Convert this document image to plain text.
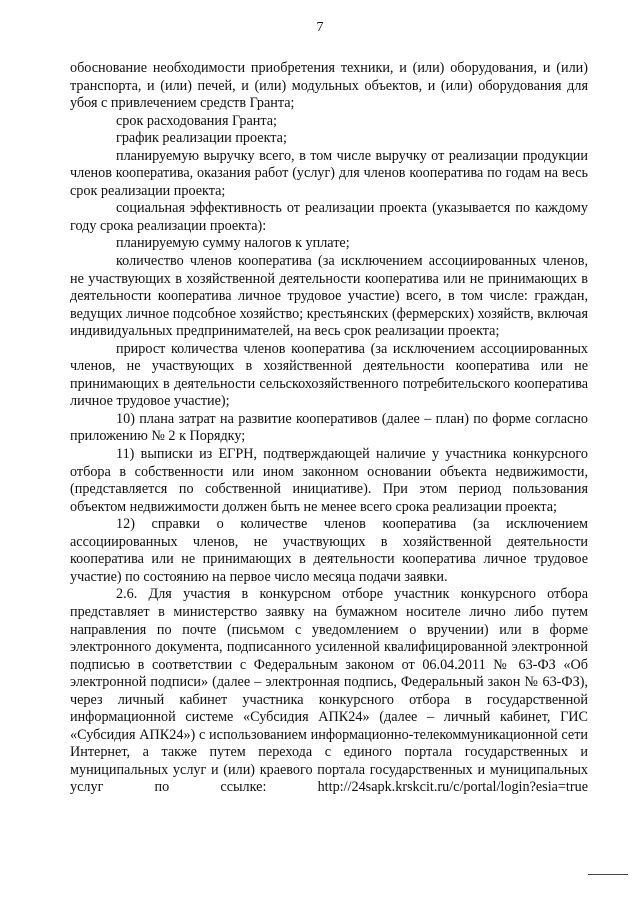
7

обоснование необходимости приобретения техники, и (или) оборудования, и (или) транспорта, и (или) печей, и (или) модульных объектов, и (или) оборудования для убоя с привлечением средств Гранта;

срок расходования Гранта;

график реализации проекта;

планируемую выручку всего, в том числе выручку от реализации продукции членов кооператива, оказания работ (услуг) для членов кооператива по годам на весь срок реализации проекта;

социальная эффективность от реализации проекта (указывается по каждому году срока реализации проекта):

планируемую сумму налогов к уплате;

количество членов кооператива (за исключением ассоциированных членов, не участвующих в хозяйственной деятельности кооператива или не принимающих в деятельности кооператива личное трудовое участие) всего, в том числе: граждан, ведущих личное подсобное хозяйство; крестьянских (фермерских) хозяйств, включая индивидуальных предпринимателей, на весь срок реализации проекта;

прирост количества членов кооператива (за исключением ассоциированных членов, не участвующих в хозяйственной деятельности кооператива или не принимающих в деятельности сельскохозяйственного потребительского кооператива личное трудовое участие);

10) плана затрат на развитие кооперативов (далее – план) по форме согласно приложению № 2 к Порядку;

11) выписки из ЕГРН, подтверждающей наличие у участника конкурсного отбора в собственности или ином законном основании объекта недвижимости, (представляется по собственной инициативе). При этом период пользования объектом недвижимости должен быть не менее всего срока реализации проекта;

12) справки о количестве членов кооператива (за исключением ассоциированных членов, не участвующих в хозяйственной деятельности кооператива или не принимающих в деятельности кооператива личное трудовое участие) по состоянию на первое число месяца подачи заявки.

2.6. Для участия в конкурсном отборе участник конкурсного отбора представляет в министерство заявку на бумажном носителе лично либо путем направления по почте (письмом с уведомлением о вручении) или в форме электронного документа, подписанного усиленной квалифицированной электронной подписью в соответствии с Федеральным законом от 06.04.2011 № 63-ФЗ «Об электронной подписи» (далее – электронная подпись, Федеральный закон № 63-ФЗ), через личный кабинет участника конкурсного отбора в государственной информационной системе «Субсидия АПК24» (далее – личный кабинет, ГИС «Субсидия АПК24») с использованием информационно-телекоммуникационной сети Интернет, а также путем перехода с единого портала государственных и муниципальных услуг и (или) краевого портала государственных и муниципальных услуг по ссылке: http://24sapk.krskcit.ru/c/portal/login?esia=true
